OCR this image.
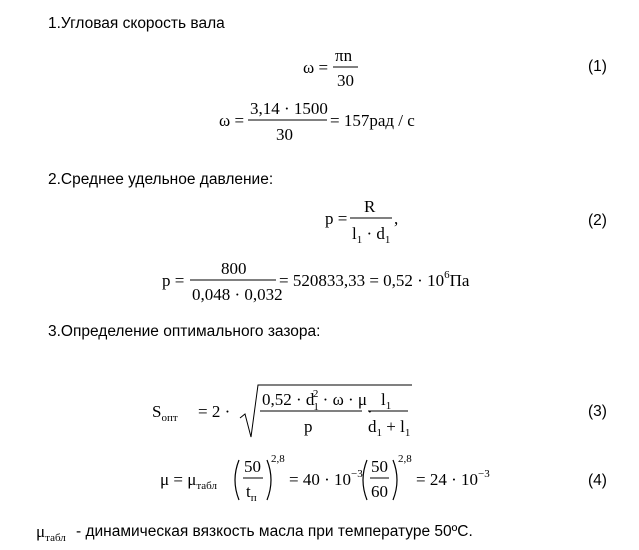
1.Угловая скорость вала
2.Среднее удельное давление:
3.Определение оптимального зазора:
(1)
(2)
(3)
(4)
ω =
πn
30
ω =
3,14 · 1500
30
= 157рад / с
p =
R
$l_1 \cdot d_1$
,
p =
800
0,048 · 0,032
= $520833,33 = 0,52 \cdot 10^6Па$
$S_{опт} = 2$ ·
0,52 · d12 · ω · μ
p
·
$l_1$
$d_1 + l_1$
$\mu = \mu_{табл}$
50
$t_п$
2,8
= $40 \cdot 10^{-3}$ 50
60
2,8
= $24 \cdot 10^{-3}$
$\mu_{табл}$ - динамическая вязкость масла при температуре 50ºС.
